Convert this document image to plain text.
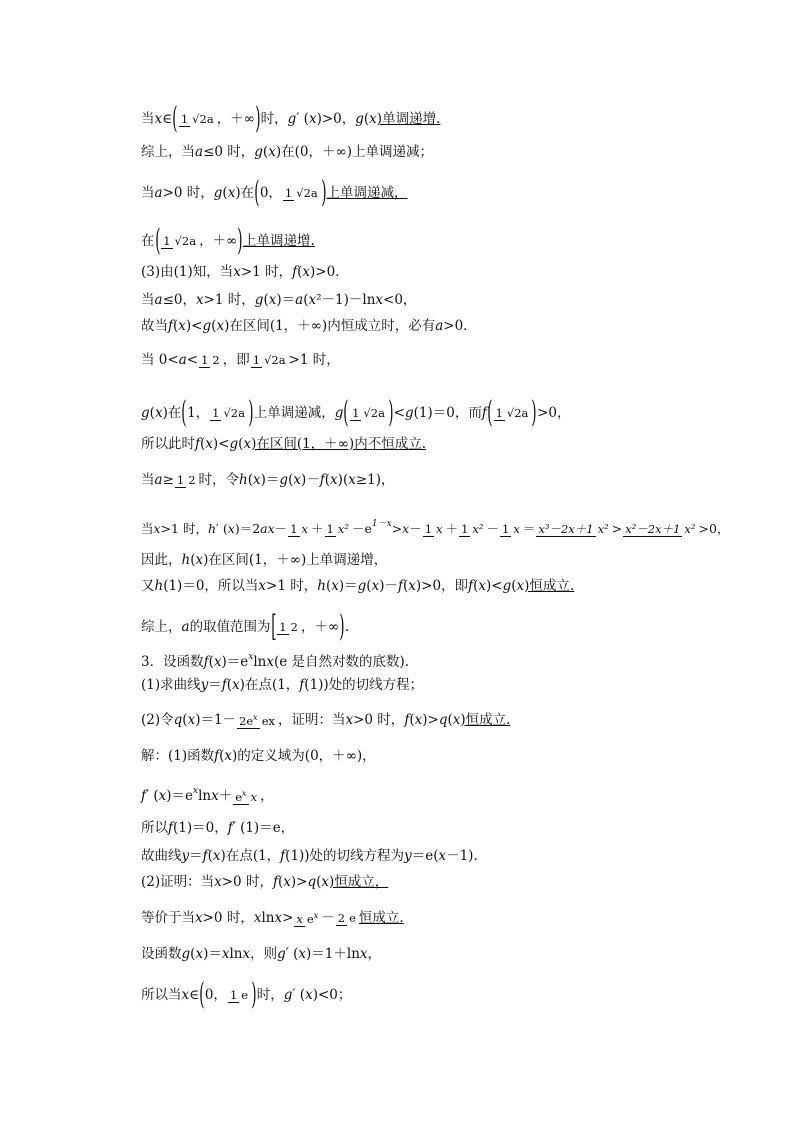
当x∈( 1 √2a ，＋∞)时，g′ (x)>0，g(x)单调递增.
综上，当a≤0 时，g(x)在(0，＋∞)上单调递减；
当a>0 时，g(x)在(0， 1 √2a )上单调递减，
在( 1 √2a ，＋∞)上单调递增.
(3)由(1)知，当x>1 时，f(x)>0.
当a≤0，x>1 时，g(x)＝a(x²－1)－lnx<0，
故当f(x)<g(x)在区间(1，＋∞)内恒成立时，必有a>0.
当 0<a< 1 2 ，即 1 √2a >1 时，
g(x)在(1， 1 √2a )上单调递减，g( 1 √2a )<g(1)＝0，而f( 1 √2a )>0，
所以此时f(x)<g(x)在区间(1，＋∞)内不恒成立.
当a≥ 1 2 时，令h(x)＝g(x)－f(x)(x≥1)，
当x>1 时，h′ (x)＝2ax－ 1 x ＋ 1 x² －e1－x>x－ 1 x ＋ 1 x² － 1 x ＝ x³－2x＋1 x² > x²－2x＋1 x² >0，
因此，h(x)在区间(1，＋∞)上单调递增，
又h(1)＝0，所以当x>1 时，h(x)＝g(x)－f(x)>0，即f(x)<g(x)恒成立.
综上，a的取值范围为[ 1 2 ，＋∞).
3．设函数f(x)＝exlnx(e 是自然对数的底数).
(1)求曲线y＝f(x)在点(1，f(1))处的切线方程；
(2)令$q(x)=1- 2e^x$ ex ，证明：当x>0 时，f(x)>q(x)恒成立.
解：(1)函数f(x)的定义域为(0，＋∞)，
f′ $(x)=exlnx+ e^x$ x ，
所以f(1)＝0，f′ (1)＝e，
故曲线y＝f(x)在点(1，f(1))处的切线方程为y＝e(x－1).
(2)证明：当x>0 时，f(x)>q(x)恒成立，
等价于当x>0 时，xlnx> x $e^x - 2$ e 恒成立.
设函数g(x)＝xlnx，则g′ (x)＝1＋lnx，
所以当x∈(0， 1 e )时，g′ (x)<0；
